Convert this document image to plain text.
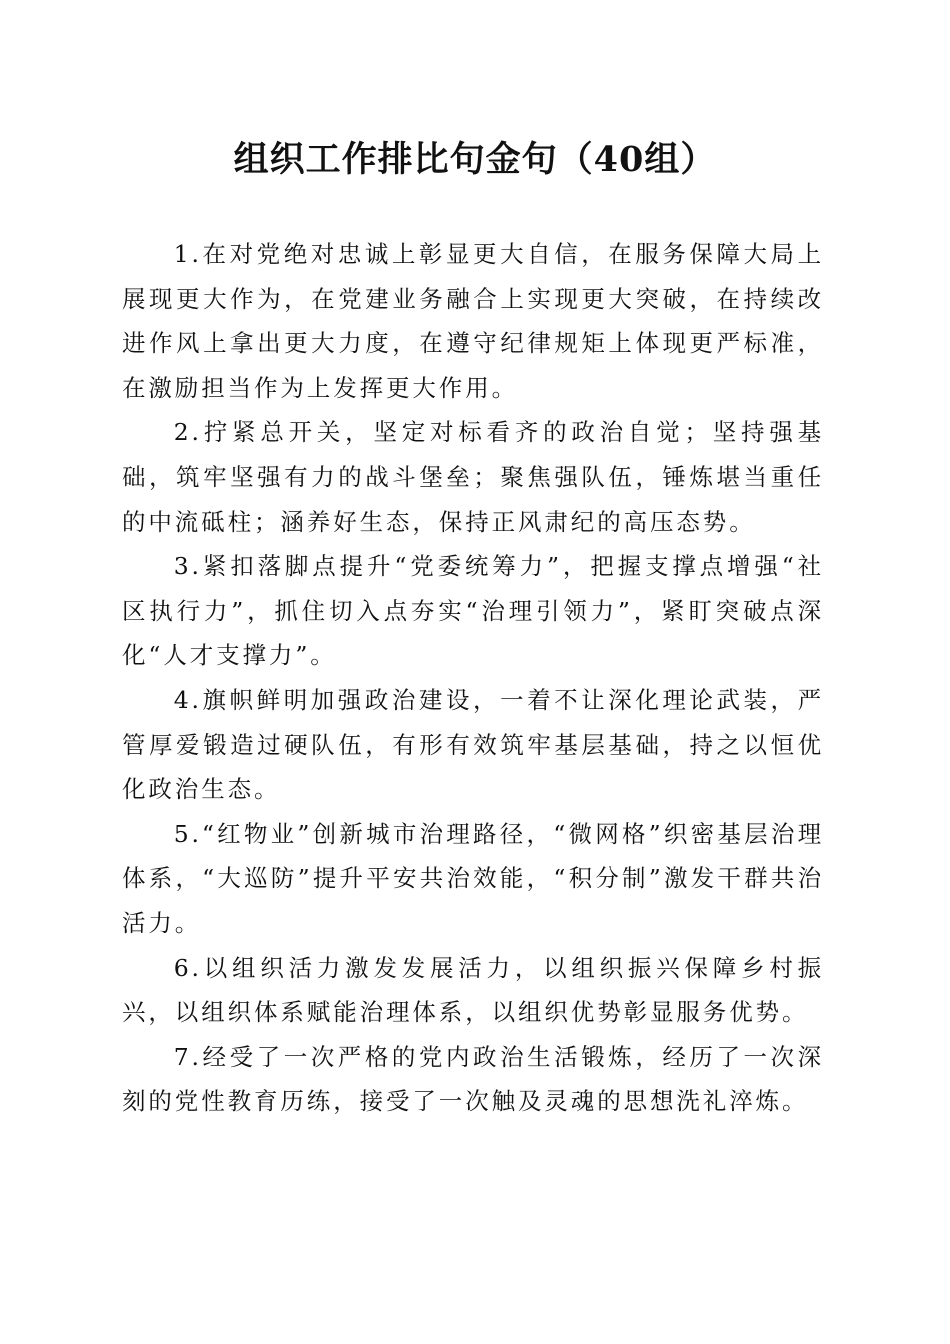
组织工作排比句金句（40组）

1.在对党绝对忠诚上彰显更大自信，在服务保障大局上展现更大作为，在党建业务融合上实现更大突破，在持续改进作风上拿出更大力度，在遵守纪律规矩上体现更严标准，在激励担当作为上发挥更大作用。

2.拧紧总开关，坚定对标看齐的政治自觉；坚持强基础，筑牢坚强有力的战斗堡垒；聚焦强队伍，锤炼堪当重任的中流砥柱；涵养好生态，保持正风肃纪的高压态势。

3.紧扣落脚点提升“党委统筹力”，把握支撑点增强“社区执行力”，抓住切入点夯实“治理引领力”，紧盯突破点深化“人才支撑力”。

4.旗帜鲜明加强政治建设，一着不让深化理论武装，严管厚爱锻造过硬队伍，有形有效筑牢基层基础，持之以恒优化政治生态。

5.“红物业”创新城市治理路径，“微网格”织密基层治理体系，“大巡防”提升平安共治效能，“积分制”激发干群共治活力。

6.以组织活力激发发展活力，以组织振兴保障乡村振兴，以组织体系赋能治理体系，以组织优势彰显服务优势。

7.经受了一次严格的党内政治生活锻炼，经历了一次深刻的党性教育历练，接受了一次触及灵魂的思想洗礼淬炼。
